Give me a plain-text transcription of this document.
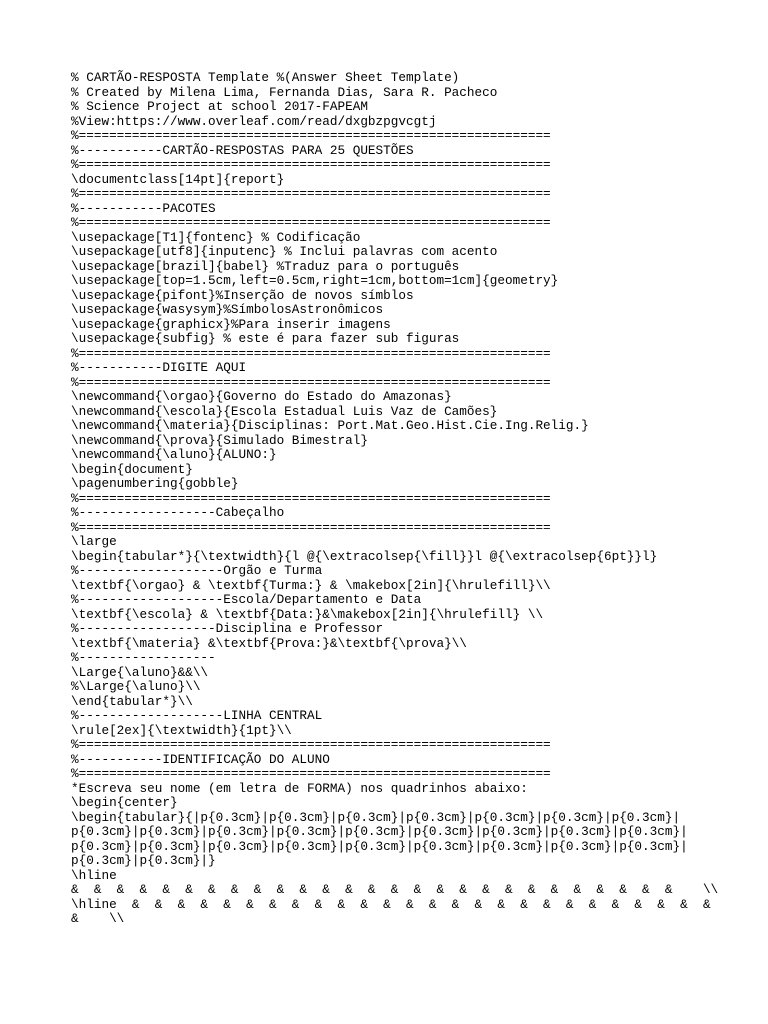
% CARTÃO-RESPOSTA Template %(Answer Sheet Template)
% Created by Milena Lima, Fernanda Dias, Sara R. Pacheco
% Science Project at school 2017-FAPEAM
%View:https://www.overleaf.com/read/dxgbzpgvcgtj
%==============================================================
%-----------CARTÃO-RESPOSTAS PARA 25 QUESTÕES
%==============================================================
\documentclass[14pt]{report}
%==============================================================
%-----------PACOTES
%==============================================================
\usepackage[T1]{fontenc} % Codificação
\usepackage[utf8]{inputenc} % Inclui palavras com acento
\usepackage[brazil]{babel} %Traduz para o português
\usepackage[top=1.5cm,left=0.5cm,right=1cm,bottom=1cm]{geometry}
\usepackage{pifont}%Inserção de novos símblos
\usepackage{wasysym}%SímbolosAstronômicos
\usepackage{graphicx}%Para inserir imagens
\usepackage{subfig} % este é para fazer sub figuras
%==============================================================
%-----------DIGITE AQUI
%==============================================================
\newcommand{\orgao}{Governo do Estado do Amazonas}
\newcommand{\escola}{Escola Estadual Luis Vaz de Camões}
\newcommand{\materia}{Disciplinas: Port.Mat.Geo.Hist.Cie.Ing.Relig.}
\newcommand{\prova}{Simulado Bimestral}
\newcommand{\aluno}{ALUNO:}
\begin{document}
\pagenumbering{gobble}
%==============================================================
%------------------Cabeçalho
%==============================================================
\large
\begin{tabular*}{\textwidth}{l @{\extracolsep{\fill}}l @{\extracolsep{6pt}}l}
%-------------------Orgão e Turma
\textbf{\orgao} & \textbf{Turma:} & \makebox[2in]{\hrulefill}\\
%-------------------Escola/Departamento e Data
\textbf{\escola} & \textbf{Data:}&\makebox[2in]{\hrulefill} \\
%------------------Disciplina e Professor
\textbf{\materia} &\textbf{Prova:}&\textbf{\prova}\\
%------------------
\Large{\aluno}&&\\
%\Large{\aluno}\\
\end{tabular*}\\
%-------------------LINHA CENTRAL
\rule[2ex]{\textwidth}{1pt}\\
%==============================================================
%-----------IDENTIFICAÇÃO DO ALUNO
%==============================================================
*Escreva seu nome (em letra de FORMA) nos quadrinhos abaixo:
\begin{center}
\begin{tabular}{|p{0.3cm}|p{0.3cm}|p{0.3cm}|p{0.3cm}|p{0.3cm}|p{0.3cm}|p{0.3cm}|
p{0.3cm}|p{0.3cm}|p{0.3cm}|p{0.3cm}|p{0.3cm}|p{0.3cm}|p{0.3cm}|p{0.3cm}|p{0.3cm}|
p{0.3cm}|p{0.3cm}|p{0.3cm}|p{0.3cm}|p{0.3cm}|p{0.3cm}|p{0.3cm}|p{0.3cm}|p{0.3cm}|
p{0.3cm}|p{0.3cm}|}
\hline
&  &  &  &  &  &  &  &  &  &  &  &  &  &  &  &  &  &  &  &  &  &  &  &  &  &  &    \\
\hline  &  &  &  &  &  &  &  &  &  &  &  &  &  &  &  &  &  &  &  &  &  &  &  &  &  &
&    \\
